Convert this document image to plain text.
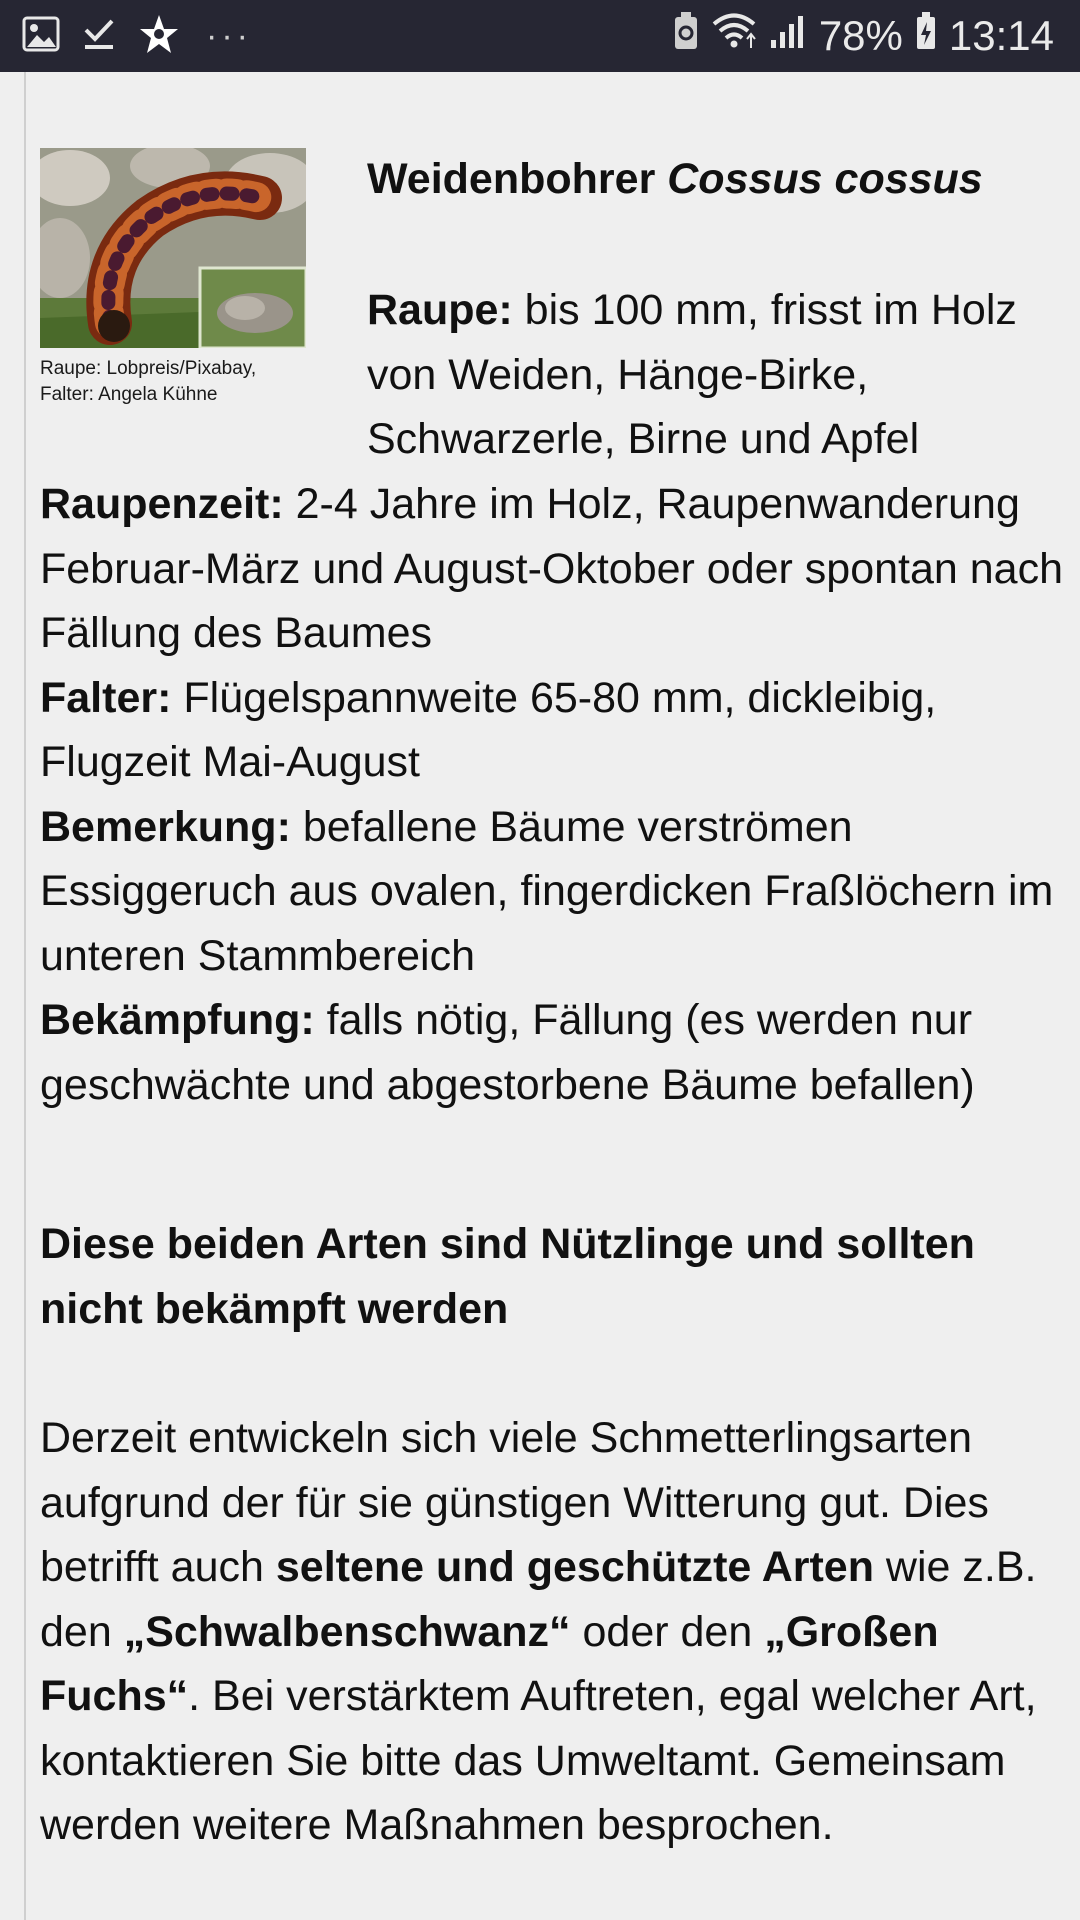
···	78% 13:14
Raupe: Lobpreis/Pixabay,
Falter: Angela Kühne
Weidenbohrer Cossus cossus
Raupe: bis 100 mm, frisst im Holz von Weiden, Hänge-Birke, Schwarzerle, Birne und Apfel
Raupenzeit: 2-4 Jahre im Holz, Raupenwanderung Februar-März und August-Oktober oder spontan nach Fällung des Baumes
Falter: Flügelspannweite 65-80 mm, dickleibig, Flugzeit Mai-August
Bemerkung: befallene Bäume verströmen Essiggeruch aus ovalen, fingerdicken Fraßlöchern im unteren Stammbereich
Bekämpfung: falls nötig, Fällung (es werden nur geschwächte und abgestorbene Bäume befallen)
Diese beiden Arten sind Nützlinge und sollten nicht bekämpft werden
Derzeit entwickeln sich viele Schmetterlingsarten aufgrund der für sie günstigen Witterung gut. Dies betrifft auch seltene und geschützte Arten wie z.B. den „Schwalbenschwanz“ oder den „Großen Fuchs“. Bei verstärktem Auftreten, egal welcher Art, kontaktieren Sie bitte das Umweltamt. Gemeinsam werden weitere Maßnahmen besprochen.
